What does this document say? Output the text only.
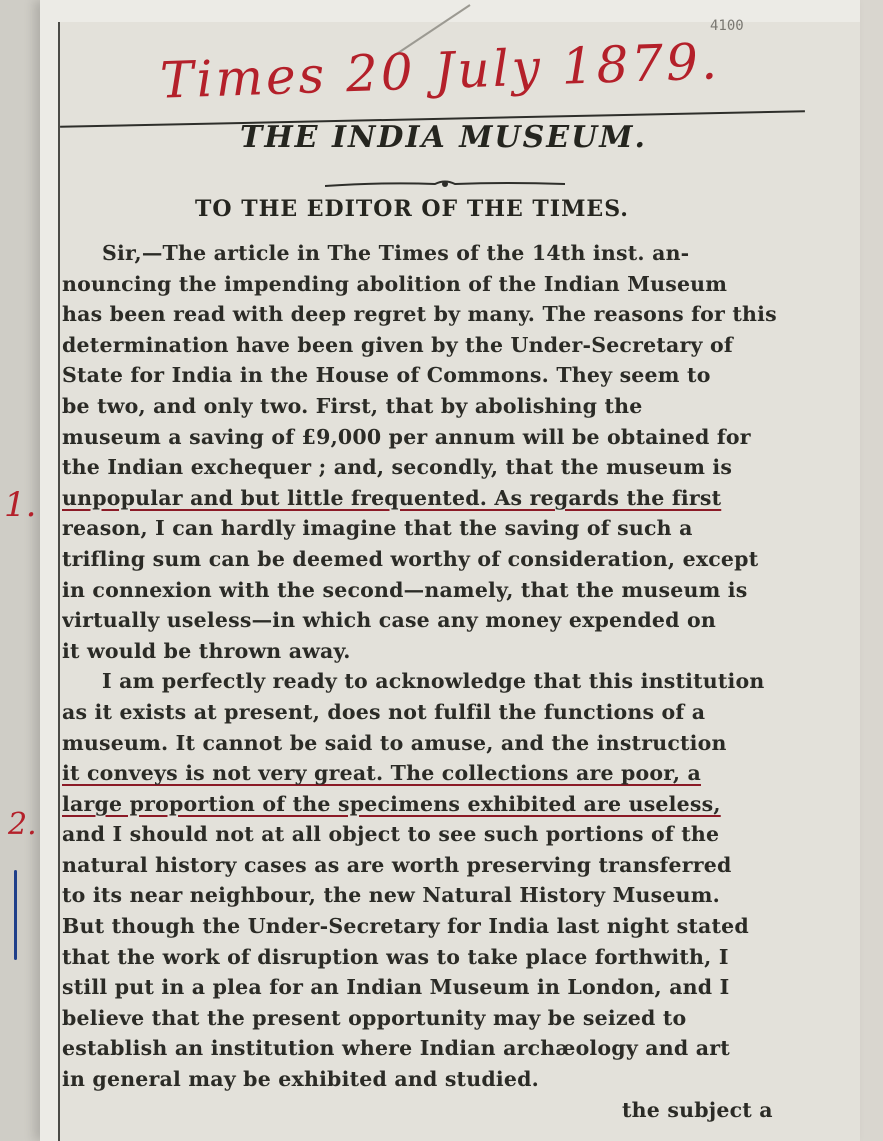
4100
Times 20 July 1879.
1.
2.
THE INDIA MUSEUM.
TO THE EDITOR OF THE TIMES.
Sir,—The article in The Times of the 14th inst. an-
nouncing the impending abolition of the Indian Museum
has been read with deep regret by many. The reasons for this
determination have been given by the Under-Secretary of
State for India in the House of Commons. They seem to
be two, and only two. First, that by abolishing the
museum a saving of £9,000 per annum will be obtained for
the Indian exchequer ; and, secondly, that the museum is
unpopular and but little frequented. As regards the first
reason, I can hardly imagine that the saving of such a
trifling sum can be deemed worthy of consideration, except
in connexion with the second—namely, that the museum is
virtually useless—in which case any money expended on
it would be thrown away.
I am perfectly ready to acknowledge that this institution
as it exists at present, does not fulfil the functions of a
museum. It cannot be said to amuse, and the instruction
it conveys is not very great. The collections are poor, a
large proportion of the specimens exhibited are useless,
and I should not at all object to see such portions of the
natural history cases as are worth preserving transferred
to its near neighbour, the new Natural History Museum.
But though the Under-Secretary for India last night stated
that the work of disruption was to take place forthwith, I
still put in a plea for an Indian Museum in London, and I
believe that the present opportunity may be seized to
establish an institution where Indian archæology and art
in general may be exhibited and studied.
the subject a
